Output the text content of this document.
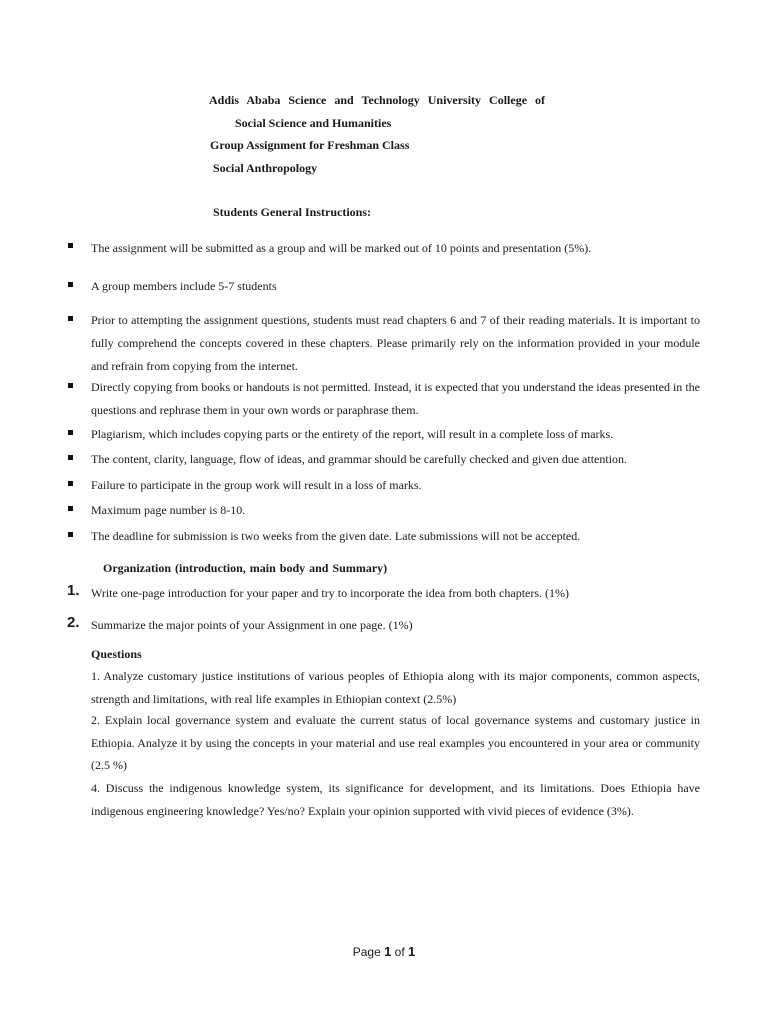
Addis Ababa Science and Technology University College of
Social Science and Humanities
Group Assignment for Freshman Class
Social Anthropology
Students General Instructions:
The assignment will be submitted as a group and will be marked out of 10 points and presentation (5%).
A group members include 5-7 students
Prior to attempting the assignment questions, students must read chapters 6 and 7 of their reading materials. It is important to fully comprehend the concepts covered in these chapters. Please primarily rely on the information provided in your module and refrain from copying from the internet.
Directly copying from books or handouts is not permitted. Instead, it is expected that you understand the ideas presented in the questions and rephrase them in your own words or paraphrase them.
Plagiarism, which includes copying parts or the entirety of the report, will result in a complete loss of marks.
The content, clarity, language, flow of ideas, and grammar should be carefully checked and given due attention.
Failure to participate in the group work will result in a loss of marks.
Maximum page number is 8-10.
The deadline for submission is two weeks from the given date. Late submissions will not be accepted.
Organization (introduction, main body and Summary)
1. Write one-page introduction for your paper and try to incorporate the idea from both chapters. (1%)
2. Summarize the major points of your Assignment in one page. (1%)
Questions
1. Analyze customary justice institutions of various peoples of Ethiopia along with its major components, common aspects, strength and limitations, with real life examples in Ethiopian context (2.5%)
2. Explain local governance system and evaluate the current status of local governance systems and customary justice in Ethiopia. Analyze it by using the concepts in your material and use real examples you encountered in your area or community (2.5 %)
4. Discuss the indigenous knowledge system, its significance for development, and its limitations. Does Ethiopia have indigenous engineering knowledge? Yes/no? Explain your opinion supported with vivid pieces of evidence (3%).
Page 1 of 1
